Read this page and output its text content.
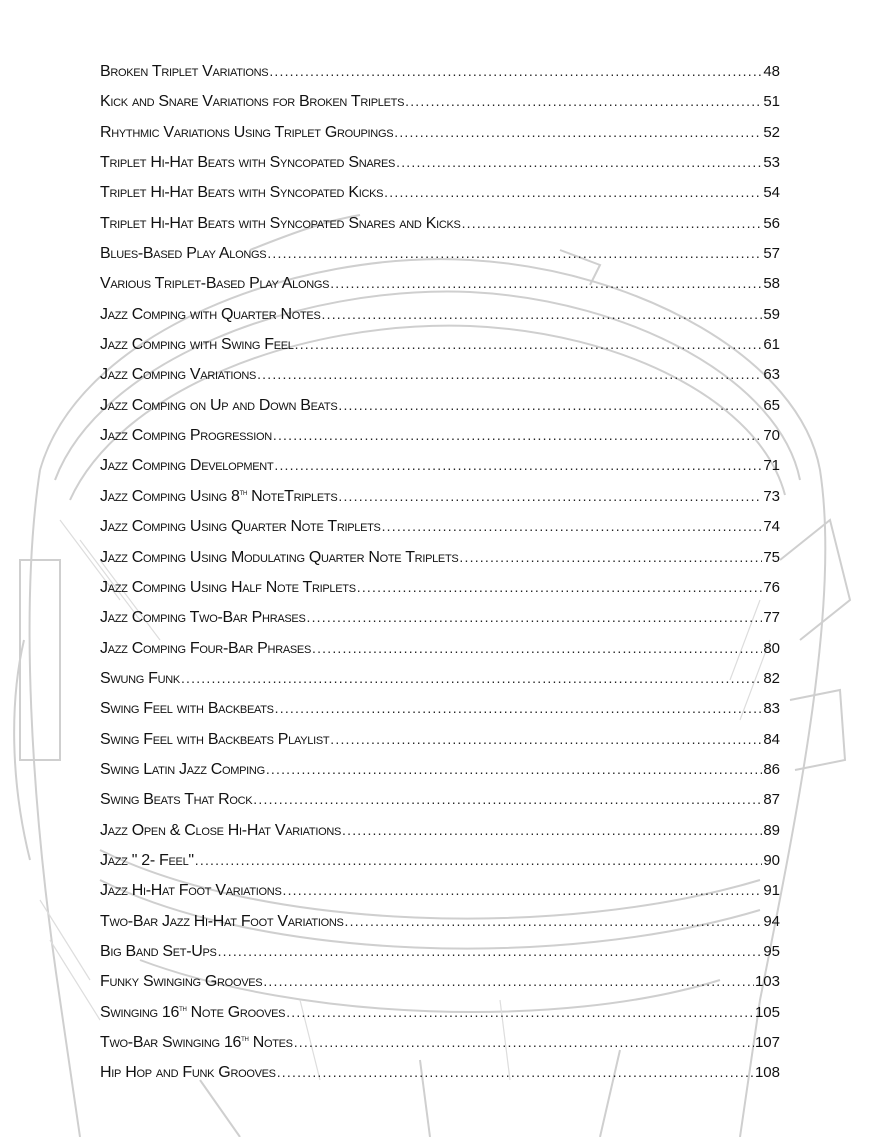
Broken Triplet Variations .....	48
Kick and Snare Variations for Broken Triplets .....	51
Rhythmic Variations Using Triplet Groupings .....	52
Triplet Hi-Hat Beats with Syncopated Snares .....	53
Triplet Hi-Hat Beats with Syncopated Kicks .....	54
Triplet Hi-Hat Beats with Syncopated Snares and Kicks .....	56
Blues-Based Play Alongs .....	57
Various Triplet-Based Play Alongs .....	58
Jazz Comping with Quarter Notes .....	59
Jazz Comping with Swing Feel .....	61
Jazz Comping Variations .....	63
Jazz Comping on Up and Down Beats .....	65
Jazz Comping Progression .....	70
Jazz Comping Development .....	71
Jazz Comping Using 8th NoteTriplets .....	73
Jazz Comping Using Quarter Note Triplets .....	74
Jazz Comping Using Modulating Quarter Note Triplets .....	75
Jazz Comping Using Half Note Triplets .....	76
Jazz Comping Two-Bar Phrases .....	77
Jazz Comping Four-Bar Phrases .....	80
Swung Funk .....	82
Swing Feel with Backbeats .....	83
Swing Feel with Backbeats Playlist .....	84
Swing Latin Jazz Comping .....	86
Swing Beats That Rock .....	87
Jazz Open & Close Hi-Hat Variations .....	89
Jazz " 2- Feel" .....	90
Jazz Hi-Hat Foot Variations .....	91
Two-Bar Jazz Hi-Hat Foot Variations .....	94
Big Band Set-Ups .....	95
Funky Swinging Grooves .....	103
Swinging 16th Note Grooves .....	105
Two-Bar Swinging 16th Notes .....	107
Hip Hop and Funk Grooves .....	108
